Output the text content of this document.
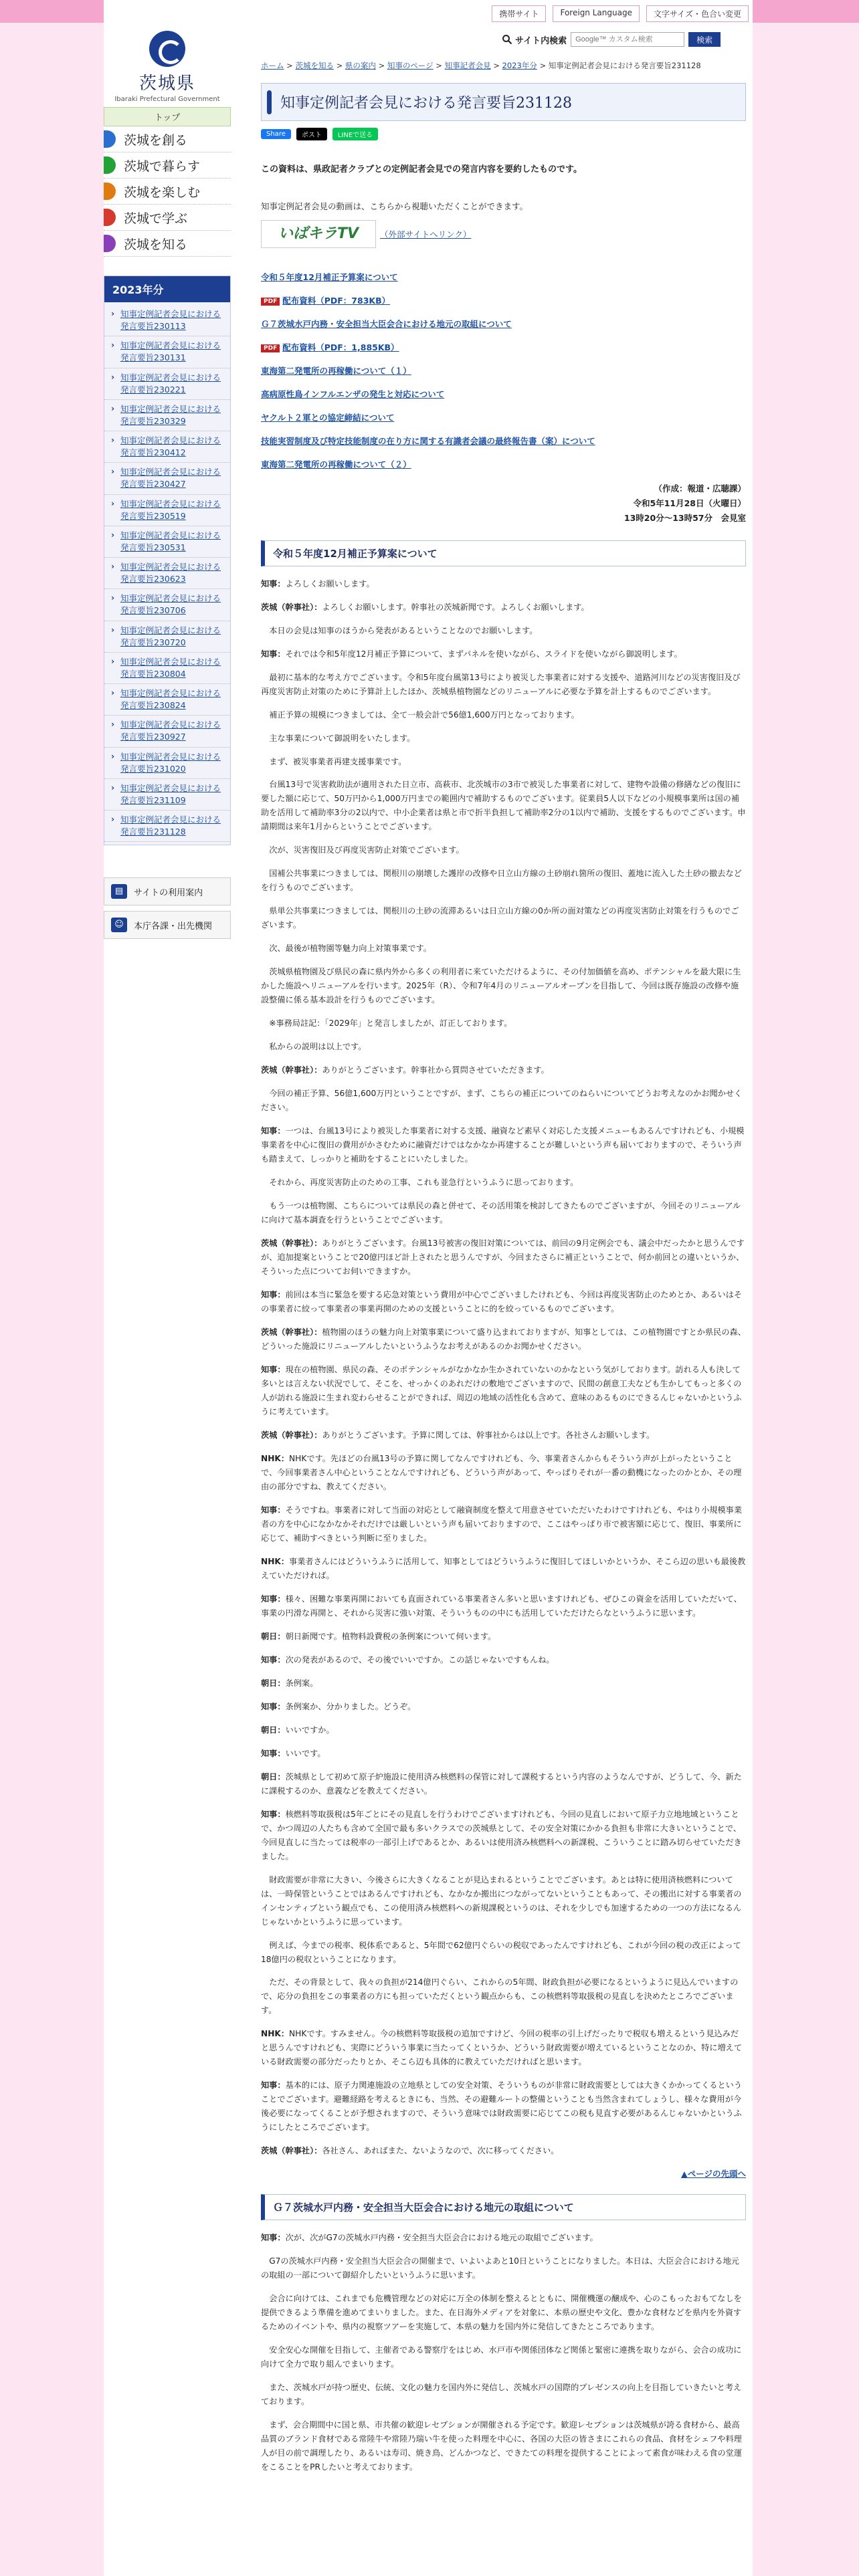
携帯サイト	Foreign Language	文字サイズ・色合い変更
茨城県
Ibaraki Prefectural Government
サイト内検索
Google™ カスタム検索	検索
トップ
茨城を創る
茨城で暮らす
茨城を楽しむ
茨城で学ぶ
茨城を知る
2023年分
› 知事定例記者会見における発言要旨230113
› 知事定例記者会見における発言要旨230131
› 知事定例記者会見における発言要旨230221
› 知事定例記者会見における発言要旨230329
› 知事定例記者会見における発言要旨230412
› 知事定例記者会見における発言要旨230427
› 知事定例記者会見における発言要旨230519
› 知事定例記者会見における発言要旨230531
› 知事定例記者会見における発言要旨230623
› 知事定例記者会見における発言要旨230706
› 知事定例記者会見における発言要旨230720
› 知事定例記者会見における発言要旨230804
› 知事定例記者会見における発言要旨230824
› 知事定例記者会見における発言要旨230927
› 知事定例記者会見における発言要旨231020
› 知事定例記者会見における発言要旨231109
› 知事定例記者会見における発言要旨231128
▤	サイトの利用案内
☺	本庁各課・出先機関
ホーム > 茨城を知る > 県の案内 > 知事のページ > 知事記者会見 > 2023年分 > 知事定例記者会見における発言要旨231128
知事定例記者会見における発言要旨231128
Share	ポスト	LINEで送る	更新日:2023年11月28日
この資料は、県政記者クラブとの定例記者会見での発言内容を要約したものです。
知事定例記者会見の動画は、こちらから視聴いただくことができます。
いばキラTV	（外部サイトへリンク）
令和５年度12月補正予算案について
PDF 配布資料（PDF：783KB）
Ｇ７茨城水戸内務・安全担当大臣会合における地元の取組について
PDF 配布資料（PDF：1,885KB）
東海第二発電所の再稼働について（１）
高病原性鳥インフルエンザの発生と対応について
ヤクルト２軍との協定締結について
技能実習制度及び特定技能制度の在り方に関する有識者会議の最終報告書（案）について
東海第二発電所の再稼働について（２）
（作成：報道・広聴課）
令和5年11月28日（火曜日）
13時20分～13時57分　会見室
令和５年度12月補正予算案について

知事：よろしくお願いします。

茨城（幹事社）：よろしくお願いします。幹事社の茨城新聞です。よろしくお願いします。

本日の会見は知事のほうから発表があるということなのでお願いします。

知事：それでは令和5年度12月補正予算について、まずパネルを使いながら、スライドを使いながら御説明します。

最初に基本的な考え方でございます。令和5年度台風第13号により被災した事業者に対する支援や、道路河川などの災害復旧及び再度災害防止対策のために予算計上したほか、茨城県植物園などのリニューアルに必要な予算を計上するものでございます。

補正予算の規模につきましては、全て一般会計で56億1,600万円となっております。

主な事業について御説明をいたします。

まず、被災事業者再建支援事業です。

台風13号で災害救助法が適用された日立市、高萩市、北茨城市の3市で被災した事業者に対して、建物や設備の修繕などの復旧に要した額に応じて、50万円から1,000万円までの範囲内で補助するものでございます。従業員5人以下などの小規模事業所は国の補助を活用して補助率3分の2以内で、中小企業者は県と市で折半負担して補助率2分の1以内で補助、支援をするものでございます。申請期間は来年1月からということでございます。

次が、災害復旧及び再度災害防止対策でございます。

国補公共事業につきましては、関根川の崩壊した護岸の改修や日立山方線の土砂崩れ箇所の復旧、蓋地に流入した土砂の撤去などを行うものでございます。

県単公共事業につきましては、関根川の土砂の流滞あるいは日立山方線の0か所の面対策などの再度災害防止対策を行うものでございます。

次、最後が植物園等魅力向上対策事業です。

茨城県植物園及び県民の森に県内外から多くの利用者に来ていただけるように、その付加価値を高め、ポテンシャルを最大限に生かした施設へリニューアルを行います。2025年（R）、令和7年4月のリニューアルオープンを目指して、今回は既存施設の改修や施設整備に係る基本設計を行うものでございます。

※事務局註記：「2029年」と発言しましたが、訂正しております。

私からの説明は以上です。

茨城（幹事社）：ありがとうございます。幹事社から質問させていただきます。

今回の補正予算、56億1,600万円ということですが、まず、こちらの補正についてのねらいについてどうお考えなのかお聞かせください。

知事：一つは、台風13号により被災した事業者に対する支援、融資など素早く対応した支援メニューもあるんですけれども、小規模事業者を中心に復旧の費用がかさむために融資だけではなかなか再建することが難しいという声も届いておりますので、そういう声も踏まえて、しっかりと補助をすることにいたしました。

それから、再度災害防止のための工事、これも並急行というふうに思っております。

もう一つは植物園、こちらについては県民の森と併せて、その活用策を検討してきたものでございますが、今回そのリニューアルに向けて基本調査を行うということでございます。

茨城（幹事社）：ありがとうございます。台風13号被害の復旧対策については、前回の9月定例会でも、議会中だったかと思うんですが、追加提案ということで20億円ほど計上されたと思うんですが、今回またさらに補正ということで、何か前回との違いというか、そういった点についてお伺いできますか。

知事：前回は本当に緊急を要する応急対策という費用が中心でございましたけれども、今回は再度災害防止のためとか、あるいはその事業者に絞って事業者の事業再開のための支援ということに的を絞っているものでございます。

茨城（幹事社）：植物園のほうの魅力向上対策事業について盛り込まれておりますが、知事としては、この植物園ですとか県民の森、どういった施設にリニューアルしたいというふうなお考えがあるのかお聞かせください。

知事：現在の植物園、県民の森、そのポテンシャルがなかなか生かされていないのかなという気がしております。訪れる人も決して多いとは言えない状況でして、そこを、せっかくのあれだけの敷地でございますので、民間の創意工夫なども生かしてもっと多くの人が訪れる施設に生まれ変わらせることができれば、周辺の地域の活性化も含めて、意味のあるものにできるんじゃないかというふうに考えています。

茨城（幹事社）：ありがとうございます。予算に関しては、幹事社からは以上です。各社さんお願いします。

NHK：NHKです。先ほどの台風13号の予算に関してなんですけれども、今、事業者さんからもそういう声が上がったということで、今回事業者さん中心ということなんですけれども、どういう声があって、やっぱりそれが一番の動機になったのかとか、その理由の部分ですね、教えてください。

知事：そうですね。事業者に対して当面の対応として融資制度を整えて用意させていただいたわけですけれども、やはり小規模事業者の方を中心になかなかそれだけでは厳しいという声も届いておりますので、ここはやっぱり市で被害額に応じて、復旧、事業所に応じて、補助すべきという判断に至りました。

NHK：事業者さんにはどういうふうに活用して、知事としてはどういうふうに復旧してほしいかというか、そこら辺の思いも最後教えていただければ。

知事：様々、困難な事業再開においても直面されている事業者さん多いと思いますけれども、ぜひこの資金を活用していただいて、事業の円滑な再開と、それから災害に強い対策、そういうものの中にも活用していただけたらなというふうに思います。

朝日：朝日新聞です。植物料設費税の条例案について伺います。

知事：次の発表があるので、その後でいいですか。この話じゃないですもんね。

朝日：条例案。

知事：条例案か、分かりました。どうぞ。

朝日：いいですか。

知事：いいです。

朝日：茨城県として初めて原子炉施設に使用済み核燃料の保管に対して課税するという内容のようなんですが、どうして、今、新たに課税するのか、意義などを教えてください。

知事：核燃料等取扱税は5年ごとにその見直しを行うわけでございますけれども、今回の見直しにおいて原子力立地地域ということで、かつ周辺の人たちも含めて全国で最も多いクラスでの茨城県として、その安全対策にかかる負担も非常に大きいということで、今回見直しに当たっては税率の一部引上げであるとか、あるいは使用済み核燃料への新課税、こういうことに踏み切らせていただきました。

財政需要が非常に大きい、今後さらに大きくなることが見込まれるということでございます。あとは特に使用済核燃料については、一時保管ということではあるんですけれども、なかなか搬出につながってないということもあって、その搬出に対する事業者のインセンティブという観点でも、この使用済み核燃料への新規課税というのは、それを少しでも加速するための一つの方法になるんじゃないかというふうに思っています。

例えば、今までの税率、税体系であると、5年間で62億円ぐらいの税収であったんですけれども、これが今回の税の改正によって18億円の税収ということになります。

ただ、その背景として、我々の負担が214億円ぐらい、これからの5年間、財政負担が必要になるというように見込んでいますので、応分の負担をこの事業者の方にも担っていただくという観点からも、この核燃料等取扱税の見直しを決めたところでございます。

NHK：NHKです。すみません。今の核燃料等取扱税の追加ですけど、今回の税率の引上げだったりで税収も増えるという見込みだと思うんですけれども、実際にどういう事業に当たってくというか、どういう財政需要が増えているということなのか、特に増えている財政需要の部分だったりとか、そこら辺も具体的に教えていただければと思います。

知事：基本的には、原子力関連施設の立地県としての安全対策、そういうものが非常に財政需要としては大きくかかってくるということでございます。避難経路を考えるときにも、当然、その避難ルートの整備ということも当然含まれてしょうし、様々な費用が今後必要になってくることが予想されますので、そういう意味では財政需要に応じてこの税も見直す必要があるんじゃないかというふうにしたところでございます。

茨城（幹事社）：各社さん、あればまた、ないようなので、次に移ってください。

▲ページの先頭へ
Ｇ７茨城水戸内務・安全担当大臣会合における地元の取組について

知事：次が、次がG7の茨城水戸内務・安全担当大臣会合における地元の取組でございます。

G7の茨城水戸内務・安全担当大臣会合の開催まで、いよいよあと10日ということになりました。本日は、大臣会合における地元の取組の一部について御紹介したいというふうに思います。

会合に向けては、これまでも危機管理などの対応に万全の体制を整えるとともに、開催機運の醸成や、心のこもったおもてなしを提供できるよう準備を進めてまいりました。また、在日海外メディアを対象に、本県の歴史や文化、豊かな食材などを県内を外資するためのイベントや、県内の視察ツアーを実施して、本県の魅力を国内外に発信してきたところであります。

安全安心な開催を目指して、主催者である警察庁をはじめ、水戸市や関係団体など関係と緊密に連携を取りながら、会合の成功に向けて全力で取り組んでまいります。

また、茨城水戸が持つ歴史、伝統、文化の魅力を国内外に発信し、茨城水戸の国際的プレゼンスの向上を目指していきたいと考えております。

まず、会合期間中に国と県、市共催の歓迎レセプションが開催される予定です。歓迎レセプションは茨城県が誇る食材から、最高品質のブランド食材である常陸牛や常陸乃瑞い牛を使った料理を中心に、各国の大臣の皆さまにこれらの食品、食材をシェフや料理人が目の前で調理したり、あるいは寿司、焼き鳥、どんかつなど、できたての料理を提供することによって素食が味わえる食の堂運をこることをPRしたいと考えております。
